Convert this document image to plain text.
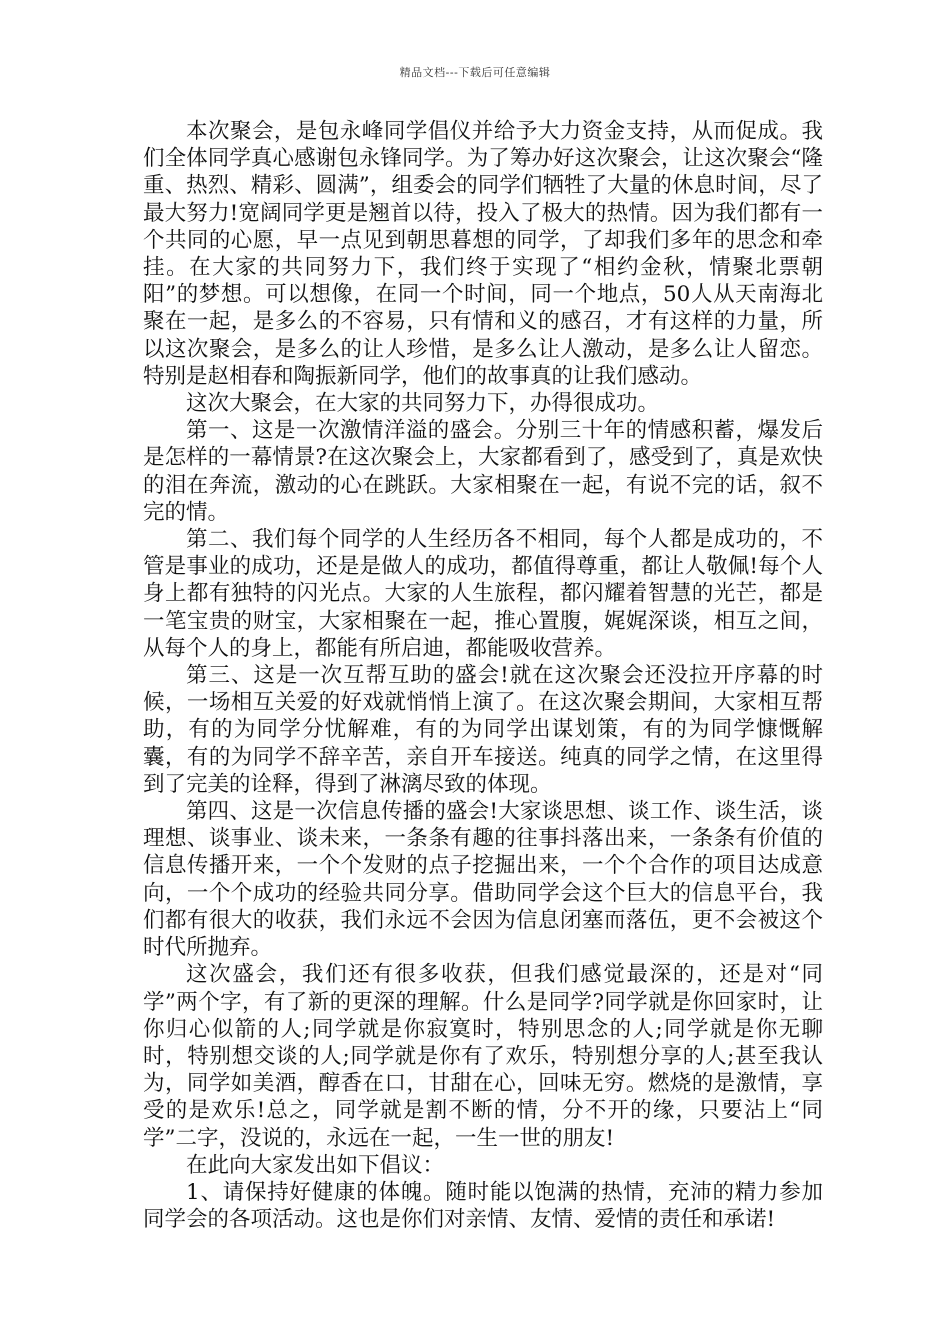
精品文档---下载后可任意编辑

本次聚会，是包永峰同学倡仪并给予大力资金支持，从而促成。我们全体同学真心感谢包永锋同学。为了筹办好这次聚会，让这次聚会“隆重、热烈、精彩、圆满”，组委会的同学们牺牲了大量的休息时间，尽了最大努力!宽阔同学更是翘首以待，投入了极大的热情。因为我们都有一个共同的心愿，早一点见到朝思暮想的同学，了却我们多年的思念和牵挂。在大家的共同努力下，我们终于实现了“相约金秋，情聚北票朝阳”的梦想。可以想像，在同一个时间，同一个地点，50人从天南海北聚在一起，是多么的不容易，只有情和义的感召，才有这样的力量，所以这次聚会，是多么的让人珍惜，是多么让人激动，是多么让人留恋。特别是赵相春和陶振新同学，他们的故事真的让我们感动。

这次大聚会，在大家的共同努力下，办得很成功。

第一、这是一次激情洋溢的盛会。分别三十年的情感积蓄，爆发后是怎样的一幕情景?在这次聚会上，大家都看到了，感受到了，真是欢快的泪在奔流，激动的心在跳跃。大家相聚在一起，有说不完的话，叙不完的情。

第二、我们每个同学的人生经历各不相同，每个人都是成功的，不管是事业的成功，还是是做人的成功，都值得尊重，都让人敬佩!每个人身上都有独特的闪光点。大家的人生旅程，都闪耀着智慧的光芒，都是一笔宝贵的财宝，大家相聚在一起，推心置腹，娓娓深谈，相互之间，从每个人的身上，都能有所启迪，都能吸收营养。

第三、这是一次互帮互助的盛会!就在这次聚会还没拉开序幕的时候，一场相互关爱的好戏就悄悄上演了。在这次聚会期间，大家相互帮助，有的为同学分忧解难，有的为同学出谋划策，有的为同学慷慨解囊，有的为同学不辞辛苦，亲自开车接送。纯真的同学之情，在这里得到了完美的诠释，得到了淋漓尽致的体现。

第四、这是一次信息传播的盛会!大家谈思想、谈工作、谈生活，谈理想、谈事业、谈未来，一条条有趣的往事抖落出来，一条条有价值的信息传播开来，一个个发财的点子挖掘出来，一个个合作的项目达成意向，一个个成功的经验共同分享。借助同学会这个巨大的信息平台，我们都有很大的收获，我们永远不会因为信息闭塞而落伍，更不会被这个时代所抛弃。

这次盛会，我们还有很多收获，但我们感觉最深的，还是对“同学”两个字，有了新的更深的理解。什么是同学?同学就是你回家时，让你归心似箭的人;同学就是你寂寞时，特别思念的人;同学就是你无聊时，特别想交谈的人;同学就是你有了欢乐，特别想分享的人;甚至我认为，同学如美酒，醇香在口，甘甜在心，回味无穷。燃烧的是激情，享受的是欢乐!总之，同学就是割不断的情，分不开的缘，只要沾上“同学”二字，没说的，永远在一起，一生一世的朋友!

在此向大家发出如下倡议：

1、请保持好健康的体魄。随时能以饱满的热情，充沛的精力参加同学会的各项活动。这也是你们对亲情、友情、爱情的责任和承诺!
